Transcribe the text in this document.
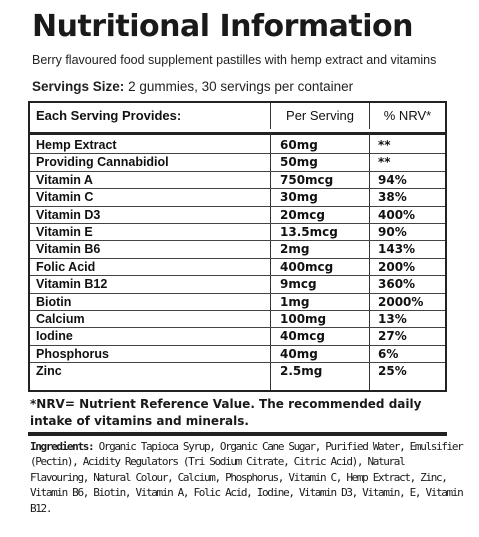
Nutritional Information

Berry flavoured food supplement pastilles with hemp extract and vitamins

Servings Size: 2 gummies, 30 servings per container

Each Serving Provides:	Per Serving	% NRV*
Hemp Extract	60mg	**
Providing Cannabidiol	50mg	**
Vitamin A	750mcg	94%
Vitamin C	30mg	38%
Vitamin D3	20mcg	400%
Vitamin E	13.5mcg	90%
Vitamin B6	2mg	143%
Folic Acid	400mcg	200%
Vitamin B12	9mcg	360%
Biotin	1mg	2000%
Calcium	100mg	13%
Iodine	40mcg	27%
Phosphorus	40mg	6%
Zinc	2.5mg	25%

*NRV= Nutrient Reference Value. The recommended daily intake of vitamins and minerals.

Ingredients: Organic Tapioca Syrup, Organic Cane Sugar, Purified Water, Emulsifier (Pectin), Acidity Regulators (Tri Sodium Citrate, Citric Acid), Natural Flavouring, Natural Colour, Calcium, Phosphorus, Vitamin C, Hemp Extract, Zinc, Vitamin B6, Biotin, Vitamin A, Folic Acid, Iodine, Vitamin D3, Vitamin, E, Vitamin B12.
